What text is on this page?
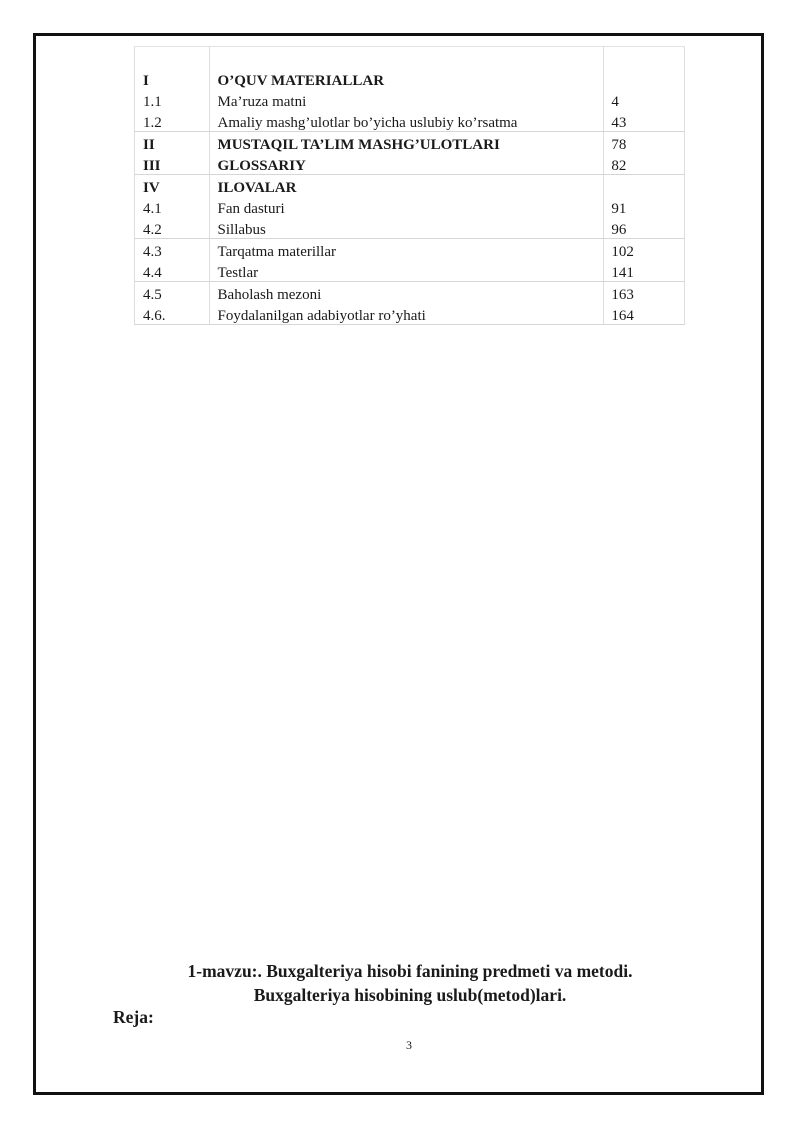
I	O’QUV MATERIALLAR	
1.1	Ma’ruza matni	4
1.2	Amaliy mashg’ulotlar bo’yicha uslubiy ko’rsatma	43
II	MUSTAQIL TA’LIM MASHG’ULOTLARI	78
III	GLOSSARIY	82
IV	ILOVALAR	
4.1	Fan dasturi	91
4.2	Sillabus	96
4.3	Tarqatma materillar	102
4.4	Testlar	141
4.5	Baholash mezoni	163
4.6.	Foydalanilgan adabiyotlar ro’yhati	164
1-mavzu:. Buxgalteriya hisobi fanining predmeti va metodi.
Buxgalteriya hisobining uslub(metod)lari.
Reja:
3
